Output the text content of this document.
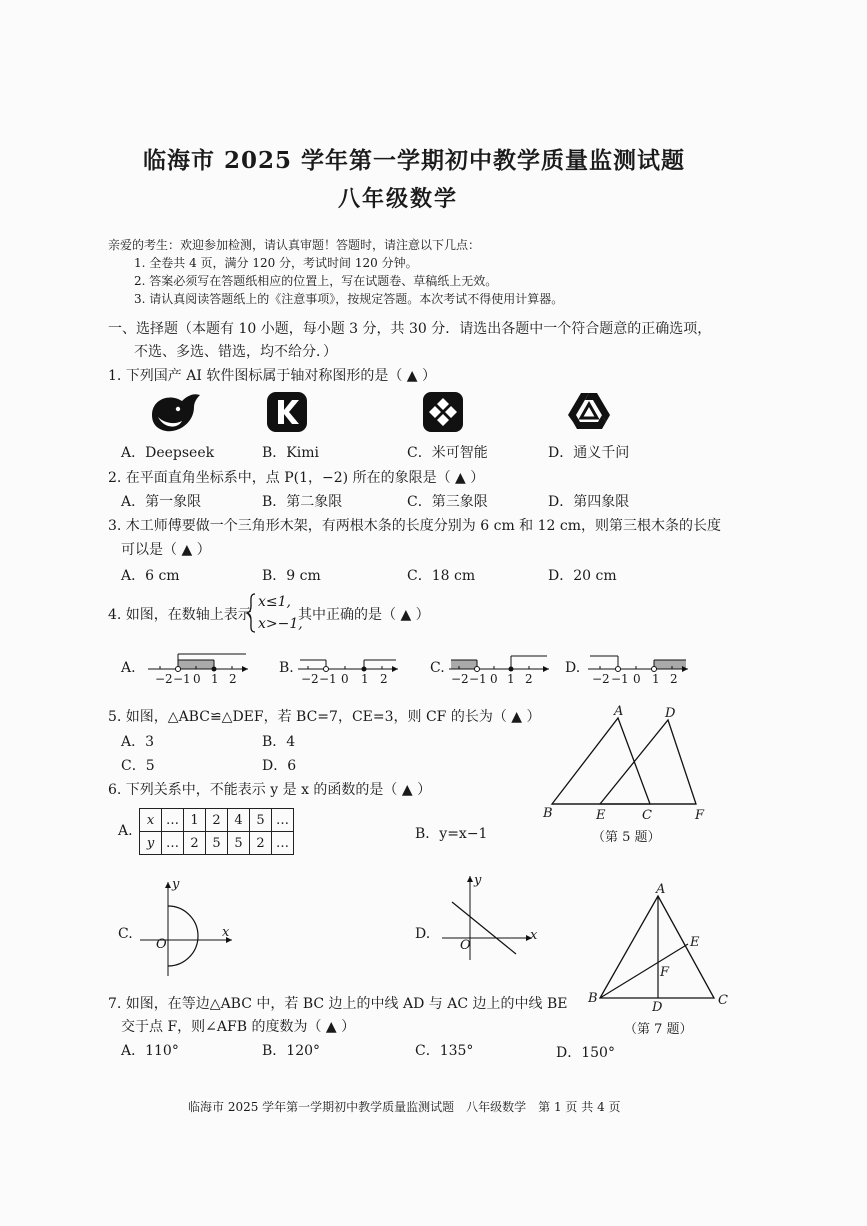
临海市 2025 学年第一学期初中教学质量监测试题
八年级数学
亲爱的考生：欢迎参加检测，请认真审题！答题时，请注意以下几点：
1. 全卷共 4 页，满分 120 分，考试时间 120 分钟。
2. 答案必须写在答题纸相应的位置上，写在试题卷、草稿纸上无效。
3. 请认真阅读答题纸上的《注意事项》，按规定答题。本次考试不得使用计算器。
一、选择题（本题有 10 小题，每小题 3 分，共 30 分．请选出各题中一个符合题意的正确选项，
不选、多选、错选，均不给分．）
1. 下列国产 AI 软件图标属于轴对称图形的是（ ▲ ）
A．Deepseek	B．Kimi	C．米可智能	D．通义千问
2. 在平面直角坐标系中，点 P(1，−2) 所在的象限是（ ▲ ）
A．第一象限	B．第二象限	C．第三象限	D．第四象限
3. 木工师傅要做一个三角形木架，有两根木条的长度分别为 6 cm 和 12 cm，则第三根木条的长度
可以是（ ▲ ）
A．6 cm	B．9 cm	C．18 cm	D．20 cm
4. 如图，在数轴上表示
x≤1,
x>−1,
其中正确的是（ ▲ ）
A.	B.	C.	D.
−2 −1 0 1 2	−2 −1 0 1 2	−2 −1 0 1 2	−2 −1 0 1 2
5. 如图，△ABC≌△DEF，若 BC=7，CE=3，则 CF 的长为（ ▲ ）
A．3	B．4
C．5	D．6
A	D
B	E	C	F
（第 5 题）
6. 下列关系中，不能表示 y 是 x 的函数的是（ ▲ ）
A.
x	…	1	2	4	5	…
y	…	2	5	5	2	…
B．y=x−1
C.
y
x
O
D.
y
x
O
7. 如图，在等边△ABC 中，若 BC 边上的中线 AD 与 AC 边上的中线 BE
交于点 F，则∠AFB 的度数为（ ▲ ）
A．110°	B．120°	C．135°	D．150°
A
E
F
B
D	C
（第 7 题）
临海市 2025 学年第一学期初中教学质量监测试题　八年级数学　第 1 页 共 4 页
